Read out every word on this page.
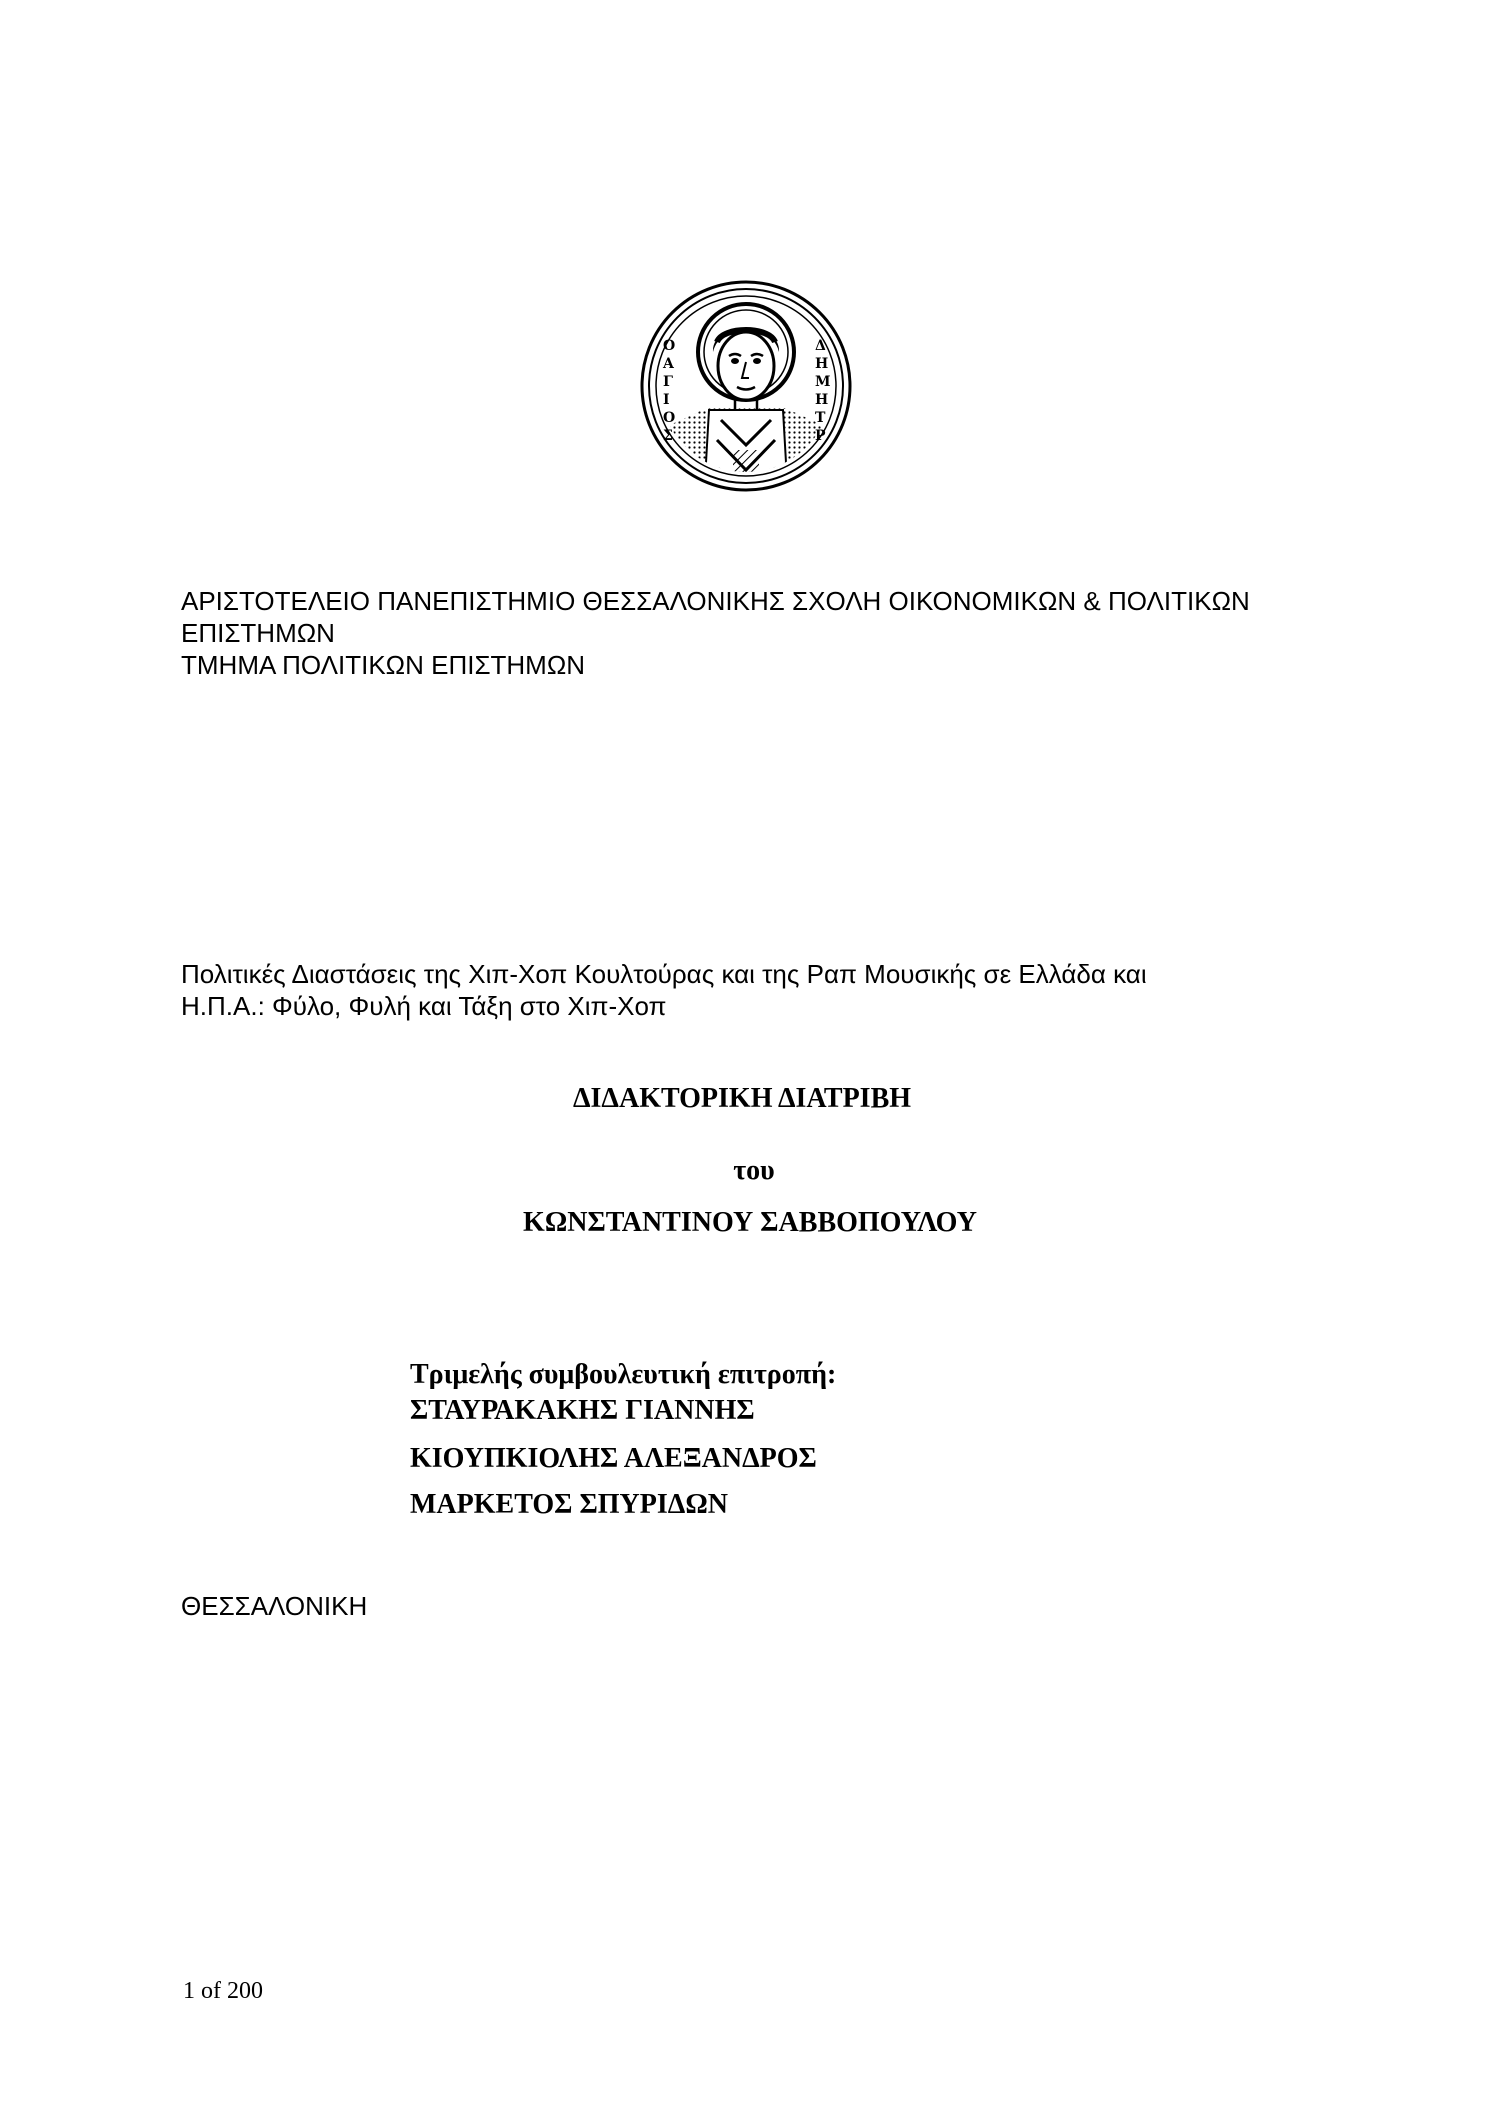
Ο
Α
Γ
Ι
Ο
Σ
Δ
Η
Μ
Η
Τ
Ρ
ΑΡΙΣΤΟΤΕΛΕΙΟ ΠΑΝΕΠΙΣΤΗΜΙΟ ΘΕΣΣΑΛΟΝΙΚΗΣ ΣΧΟΛΗ ΟΙΚΟΝΟΜΙΚΩΝ & ΠΟΛΙΤΙΚΩΝ
ΕΠΙΣΤΗΜΩΝ
ΤΜΗΜΑ ΠΟΛΙΤΙΚΩΝ ΕΠΙΣΤΗΜΩΝ
Πολιτικές Διαστάσεις της Χιπ-Χοπ Κουλτούρας και της Ραπ Μουσικής σε Ελλάδα και
Η.Π.Α.: Φύλο, Φυλή και Τάξη στο Χιπ-Χοπ
ΔΙΔΑΚΤΟΡΙΚΗ ΔΙΑΤΡΙΒΗ
του
ΚΩΝΣΤΑΝΤΙΝΟΥ ΣΑΒΒΟΠΟΥΛΟΥ
Τριμελής συμβουλευτική επιτροπή:
ΣΤΑΥΡΑΚΑΚΗΣ ΓΙΑΝΝΗΣ
ΚΙΟΥΠΚΙΟΛΗΣ ΑΛΕΞΑΝΔΡΟΣ
ΜΑΡΚΕΤΟΣ ΣΠΥΡΙΔΩΝ
ΘΕΣΣΑΛΟΝΙΚΗ
1 of 200
